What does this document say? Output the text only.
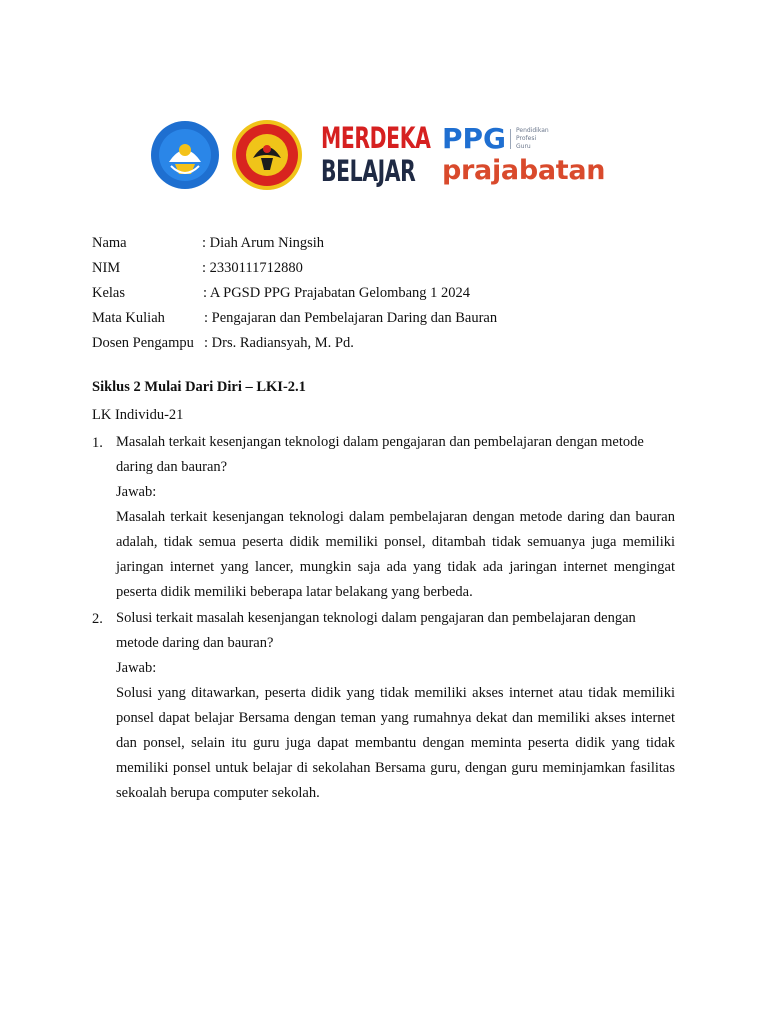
MERDEKA
BELAJAR
PPG Pendidikan
Profesi
Guru
prajabatan
Nama	: Diah Arum Ningsih
NIM	: 2330111712880
Kelas	: A PGSD PPG Prajabatan Gelombang 1 2024
Mata Kuliah	: Pengajaran dan Pembelajaran Daring dan Bauran
Dosen Pengampu : Drs. Radiansyah, M. Pd.
Siklus 2 Mulai Dari Diri – LKI-2.1
LK Individu-21
1. Masalah terkait kesenjangan teknologi dalam pengajaran dan pembelajaran dengan metode

daring dan bauran?

Jawab:

Masalah terkait kesenjangan teknologi dalam pembelajaran dengan metode daring dan bauran adalah, tidak semua peserta didik memiliki ponsel, ditambah tidak semuanya juga memiliki jaringan internet yang lancer, mungkin saja ada yang tidak ada jaringan internet mengingat peserta didik memiliki beberapa latar belakang yang berbeda.

2. Solusi terkait masalah kesenjangan teknologi dalam pengajaran dan pembelajaran dengan

metode daring dan bauran?

Jawab:

Solusi yang ditawarkan, peserta didik yang tidak memiliki akses internet atau tidak memiliki ponsel dapat belajar Bersama dengan teman yang rumahnya dekat dan memiliki akses internet dan ponsel, selain itu guru juga dapat membantu dengan meminta peserta didik yang tidak memiliki ponsel untuk belajar di sekolahan Bersama guru, dengan guru meminjamkan fasilitas sekoalah berupa computer sekolah.
